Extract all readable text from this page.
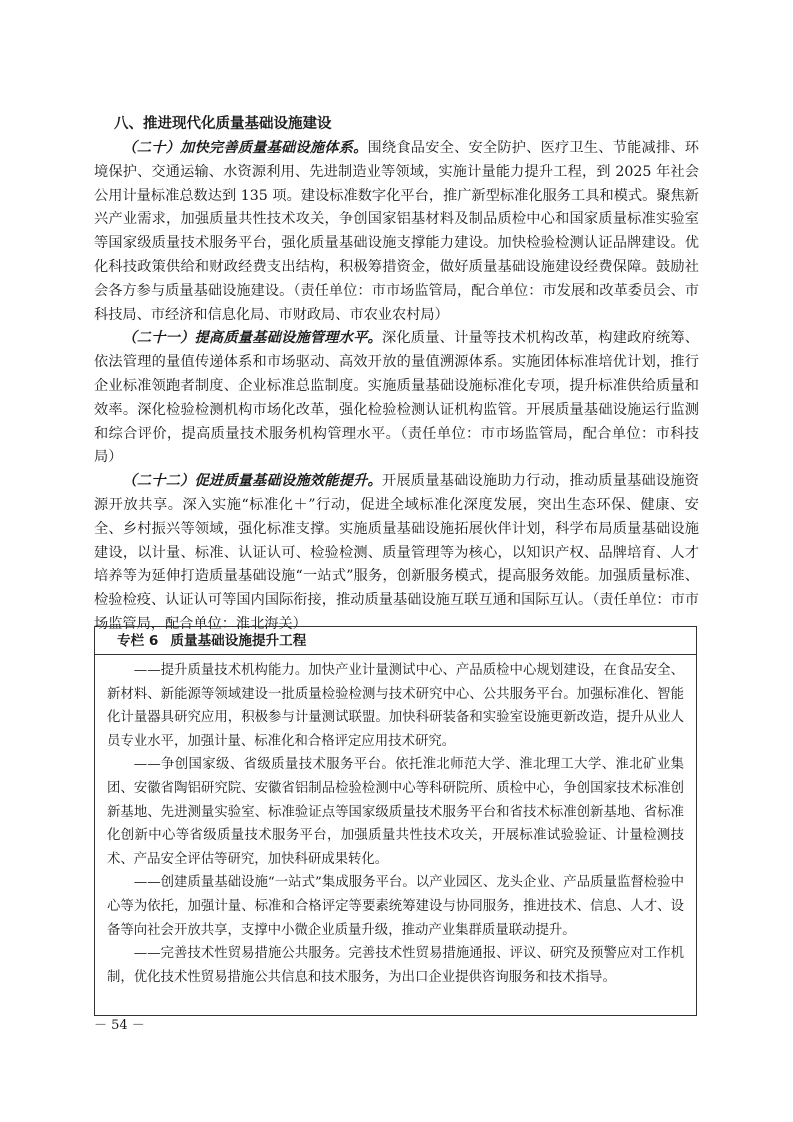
八、推进现代化质量基础设施建设

（二十）加快完善质量基础设施体系。围绕食品安全、安全防护、医疗卫生、节能减排、环境保护、交通运输、水资源利用、先进制造业等领域，实施计量能力提升工程，到 2025 年社会公用计量标准总数达到 135 项。建设标准数字化平台，推广新型标准化服务工具和模式。聚焦新兴产业需求，加强质量共性技术攻关，争创国家铝基材料及制品质检中心和国家质量标准实验室等国家级质量技术服务平台，强化质量基础设施支撑能力建设。加快检验检测认证品牌建设。优化科技政策供给和财政经费支出结构，积极筹措资金，做好质量基础设施建设经费保障。鼓励社会各方参与质量基础设施建设。（责任单位：市市场监管局，配合单位：市发展和改革委员会、市科技局、市经济和信息化局、市财政局、市农业农村局）

（二十一）提高质量基础设施管理水平。深化质量、计量等技术机构改革，构建政府统筹、依法管理的量值传递体系和市场驱动、高效开放的量值溯源体系。实施团体标准培优计划，推行企业标准领跑者制度、企业标准总监制度。实施质量基础设施标准化专项，提升标准供给质量和效率。深化检验检测机构市场化改革，强化检验检测认证机构监管。开展质量基础设施运行监测和综合评价，提高质量技术服务机构管理水平。（责任单位：市市场监管局，配合单位：市科技局）

（二十二）促进质量基础设施效能提升。开展质量基础设施助力行动，推动质量基础设施资源开放共享。深入实施“标准化＋”行动，促进全域标准化深度发展，突出生态环保、健康、安全、乡村振兴等领域，强化标准支撑。实施质量基础设施拓展伙伴计划，科学布局质量基础设施建设，以计量、标准、认证认可、检验检测、质量管理等为核心，以知识产权、品牌培育、人才培养等为延伸打造质量基础设施“一站式”服务，创新服务模式，提高服务效能。加强质量标准、检验检疫、认证认可等国内国际衔接，推动质量基础设施互联互通和国际互认。（责任单位：市市场监管局，配合单位：淮北海关）

专栏 6 质量基础设施提升工程

——提升质量技术机构能力。加快产业计量测试中心、产品质检中心规划建设，在食品安全、新材料、新能源等领域建设一批质量检验检测与技术研究中心、公共服务平台。加强标准化、智能化计量器具研究应用，积极参与计量测试联盟。加快科研装备和实验室设施更新改造，提升从业人员专业水平，加强计量、标准化和合格评定应用技术研究。

——争创国家级、省级质量技术服务平台。依托淮北师范大学、淮北理工大学、淮北矿业集团、安徽省陶铝研究院、安徽省铝制品检验检测中心等科研院所、质检中心，争创国家技术标准创新基地、先进测量实验室、标准验证点等国家级质量技术服务平台和省技术标准创新基地、省标准化创新中心等省级质量技术服务平台，加强质量共性技术攻关，开展标准试验验证、计量检测技术、产品安全评估等研究，加快科研成果转化。

——创建质量基础设施“一站式”集成服务平台。以产业园区、龙头企业、产品质量监督检验中心等为依托，加强计量、标准和合格评定等要素统筹建设与协同服务，推进技术、信息、人才、设备等向社会开放共享，支撑中小微企业质量升级，推动产业集群质量联动提升。

——完善技术性贸易措施公共服务。完善技术性贸易措施通报、评议、研究及预警应对工作机制，优化技术性贸易措施公共信息和技术服务，为出口企业提供咨询服务和技术指导。

－ 54 －
